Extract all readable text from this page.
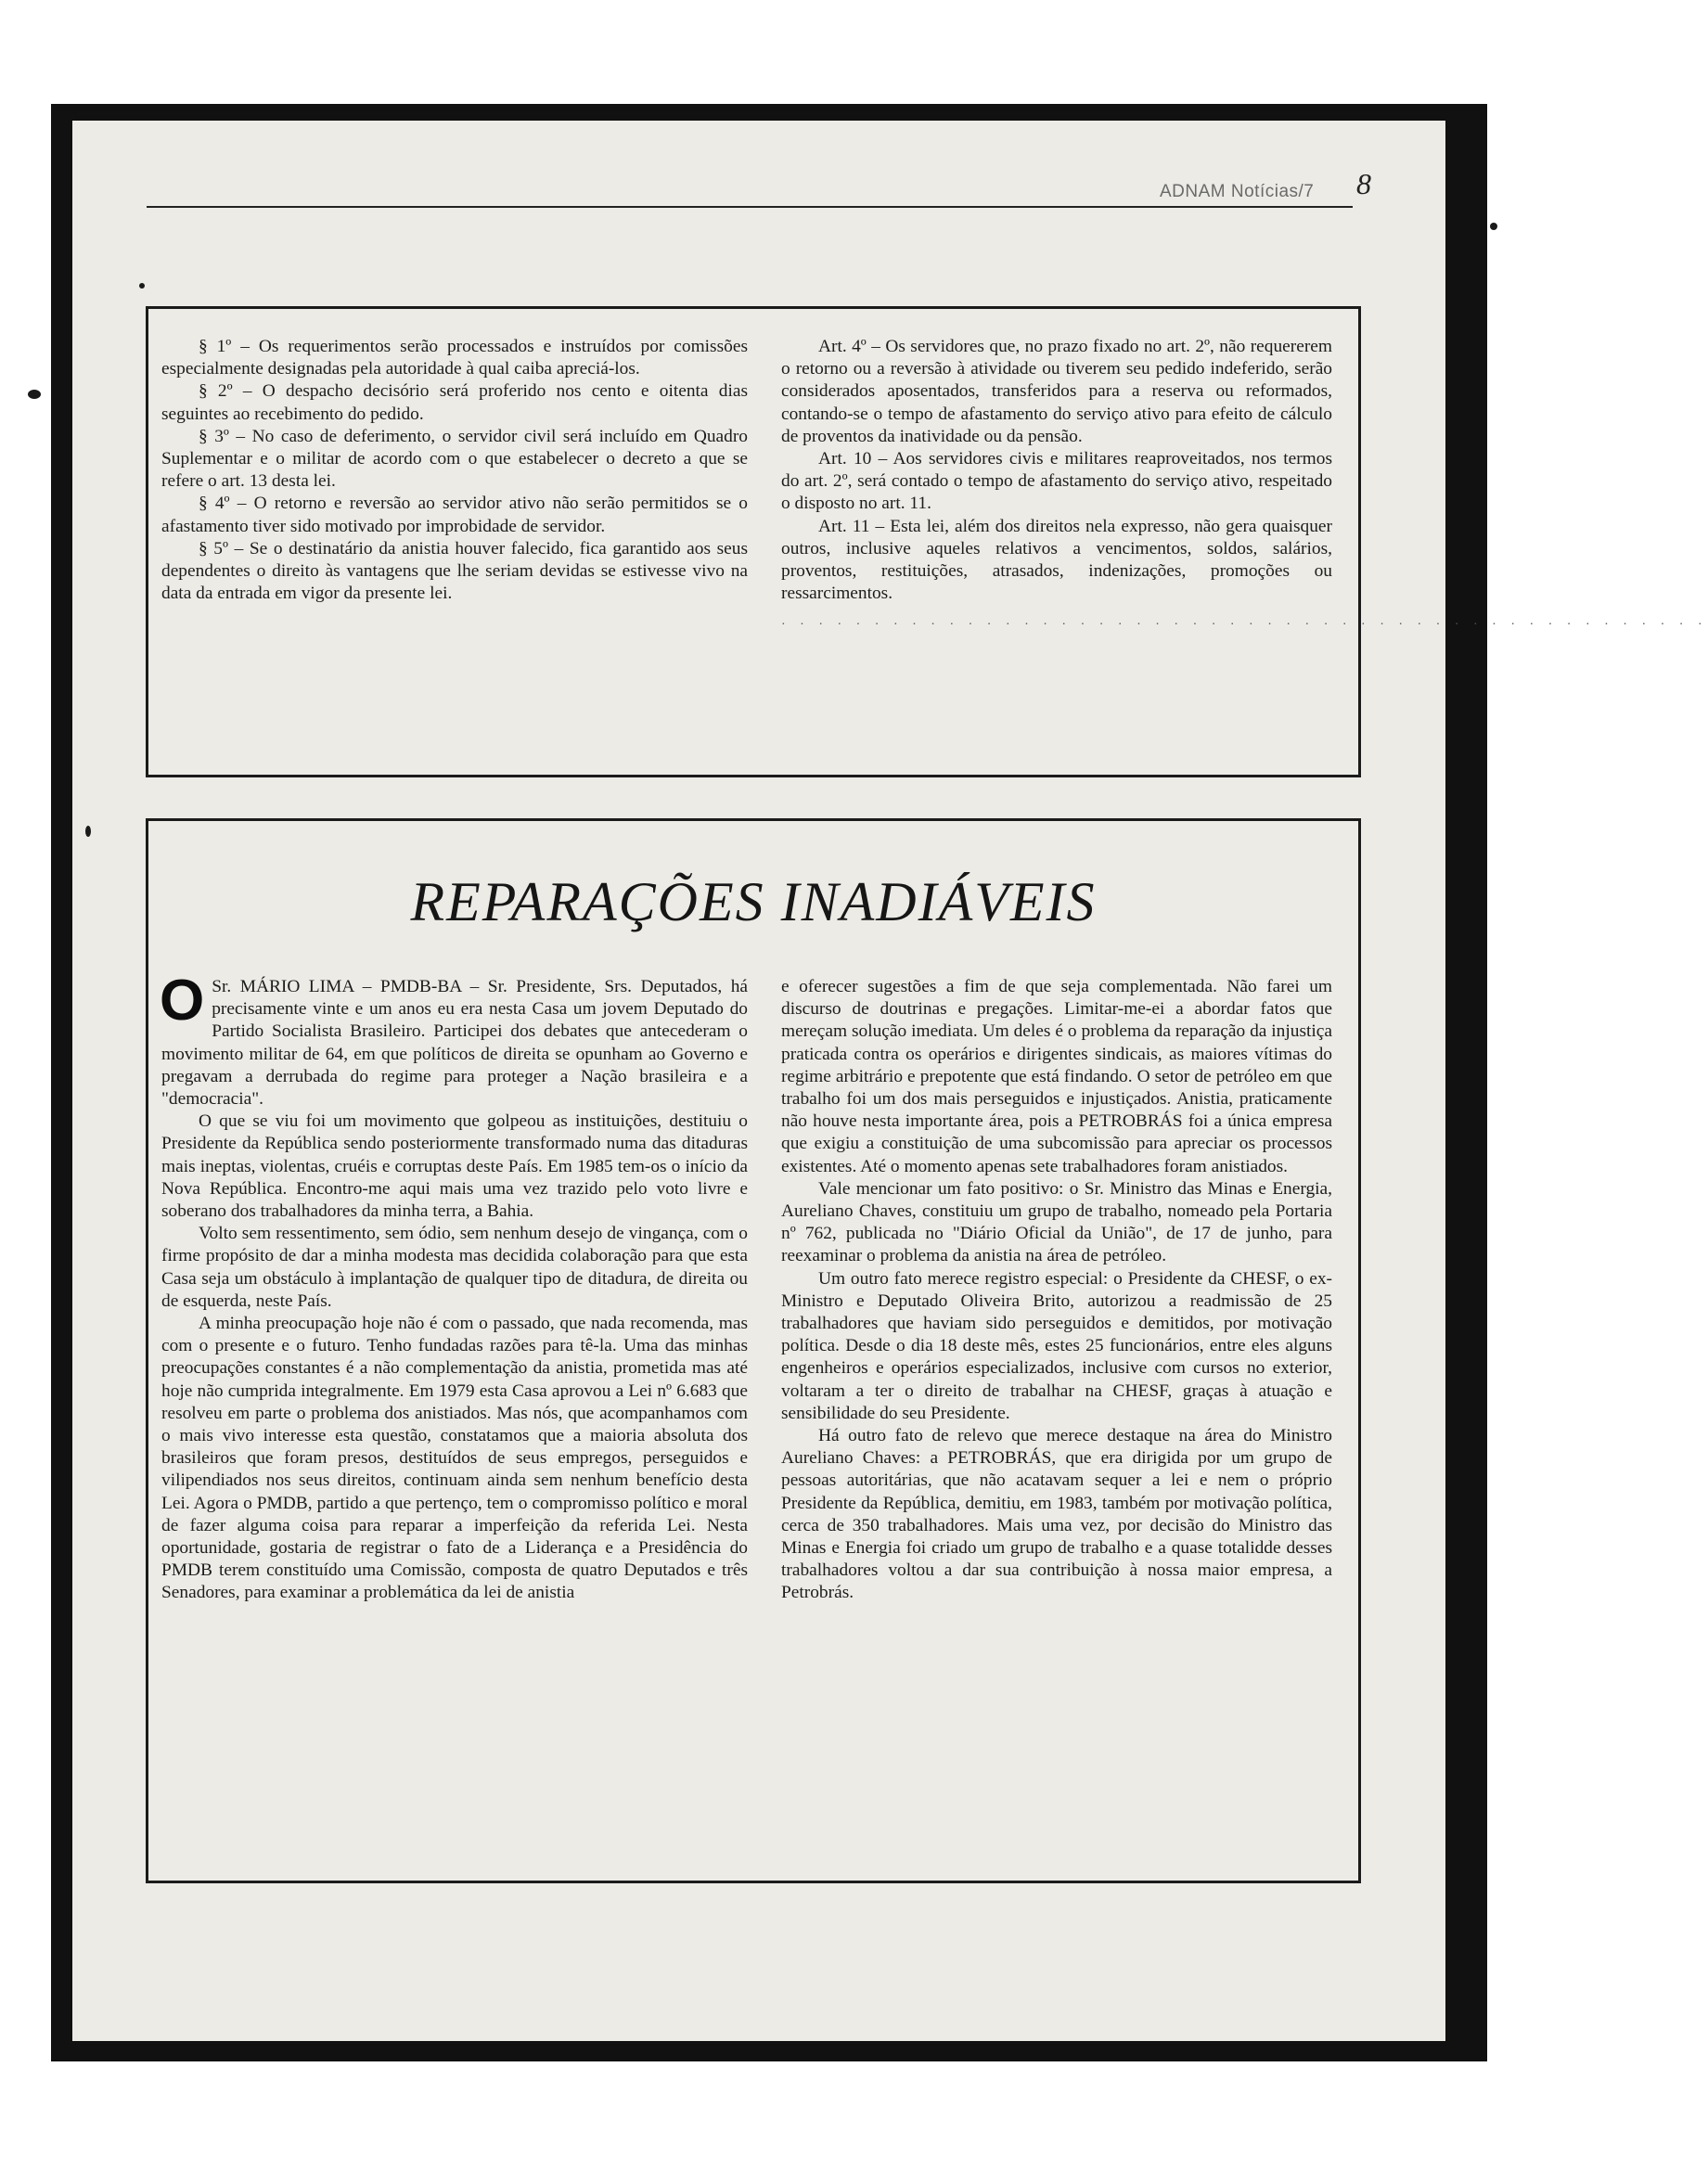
ADNAM Notícias/7 8

§ 1º – Os requerimentos serão processados e instruídos por comissões especialmente designadas pela autoridade à qual caiba apreciá-los.

§ 2º – O despacho decisório será proferido nos cento e oitenta dias seguintes ao recebimento do pedido.

§ 3º – No caso de deferimento, o servidor civil será incluído em Quadro Suplementar e o militar de acordo com o que estabelecer o decreto a que se refere o art. 13 desta lei.

§ 4º – O retorno e reversão ao servidor ativo não serão permitidos se o afastamento tiver sido motivado por improbidade de servidor.

§ 5º – Se o destinatário da anistia houver falecido, fica garantido aos seus dependentes o direito às vantagens que lhe seriam devidas se estivesse vivo na data da entrada em vigor da presente lei.

Art. 4º – Os servidores que, no prazo fixado no art. 2º, não requererem o retorno ou a reversão à atividade ou tiverem seu pedido indeferido, serão considerados aposentados, transferidos para a reserva ou reformados, contando-se o tempo de afastamento do serviço ativo para efeito de cálculo de proventos da inatividade ou da pensão.

Art. 10 – Aos servidores civis e militares reaproveitados, nos termos do art. 2º, será contado o tempo de afastamento do serviço ativo, respeitado o disposto no art. 11.

Art. 11 – Esta lei, além dos direitos nela expresso, não gera quaisquer outros, inclusive aqueles relativos a vencimentos, soldos, salários, proventos, restituições, atrasados, indenizações, promoções ou ressarcimentos.

· · · · · · · · · · · · · · · · · · · · · · · · · · · · · · · · · · · · · · · · · · · · · · · · · ·
REPARAÇÕES INADIÁVEIS

O Sr. MÁRIO LIMA – PMDB-BA – Sr. Presidente, Srs. Deputados, há precisamente vinte e um anos eu era nesta Casa um jovem Deputado do Partido Socialista Brasileiro. Participei dos debates que antecederam o movimento militar de 64, em que políticos de direita se opunham ao Governo e pregavam a derrubada do regime para proteger a Nação brasileira e a "democracia".

O que se viu foi um movimento que golpeou as instituições, destituiu o Presidente da República sendo posteriormente transformado numa das ditaduras mais ineptas, violentas, cruéis e corruptas deste País. Em 1985 tem-os o início da Nova República. Encontro-me aqui mais uma vez trazido pelo voto livre e soberano dos trabalhadores da minha terra, a Bahia.

Volto sem ressentimento, sem ódio, sem nenhum desejo de vingança, com o firme propósito de dar a minha modesta mas decidida colaboração para que esta Casa seja um obstáculo à implantação de qualquer tipo de ditadura, de direita ou de esquerda, neste País.

A minha preocupação hoje não é com o passado, que nada recomenda, mas com o presente e o futuro. Tenho fundadas razões para tê-la. Uma das minhas preocupações constantes é a não complementação da anistia, prometida mas até hoje não cumprida integralmente. Em 1979 esta Casa aprovou a Lei nº 6.683 que resolveu em parte o problema dos anistiados. Mas nós, que acompanhamos com o mais vivo interesse esta questão, constatamos que a maioria absoluta dos brasileiros que foram presos, destituídos de seus empregos, perseguidos e vilipendiados nos seus direitos, continuam ainda sem nenhum benefício desta Lei. Agora o PMDB, partido a que pertenço, tem o compromisso político e moral de fazer alguma coisa para reparar a imperfeição da referida Lei. Nesta oportunidade, gostaria de registrar o fato de a Liderança e a Presidência do PMDB terem constituído uma Comissão, composta de quatro Deputados e três Senadores, para examinar a problemática da lei de anistia

e oferecer sugestões a fim de que seja complementada. Não farei um discurso de doutrinas e pregações. Limitar-me-ei a abordar fatos que mereçam solução imediata. Um deles é o problema da reparação da injustiça praticada contra os operários e dirigentes sindicais, as maiores vítimas do regime arbitrário e prepotente que está findando. O setor de petróleo em que trabalho foi um dos mais perseguidos e injustiçados. Anistia, praticamente não houve nesta importante área, pois a PETROBRÁS foi a única empresa que exigiu a constituição de uma subcomissão para apreciar os processos existentes. Até o momento apenas sete trabalhadores foram anistiados.

Vale mencionar um fato positivo: o Sr. Ministro das Minas e Energia, Aureliano Chaves, constituiu um grupo de trabalho, nomeado pela Portaria nº 762, publicada no "Diário Oficial da União", de 17 de junho, para reexaminar o problema da anistia na área de petróleo.

Um outro fato merece registro especial: o Presidente da CHESF, o ex-Ministro e Deputado Oliveira Brito, autorizou a readmissão de 25 trabalhadores que haviam sido perseguidos e demitidos, por motivação política. Desde o dia 18 deste mês, estes 25 funcionários, entre eles alguns engenheiros e operários especializados, inclusive com cursos no exterior, voltaram a ter o direito de trabalhar na CHESF, graças à atuação e sensibilidade do seu Presidente.

Há outro fato de relevo que merece destaque na área do Ministro Aureliano Chaves: a PETROBRÁS, que era dirigida por um grupo de pessoas autoritárias, que não acatavam sequer a lei e nem o próprio Presidente da República, demitiu, em 1983, também por motivação política, cerca de 350 trabalhadores. Mais uma vez, por decisão do Ministro das Minas e Energia foi criado um grupo de trabalho e a quase totalidde desses trabalhadores voltou a dar sua contribuição à nossa maior empresa, a Petrobrás.
